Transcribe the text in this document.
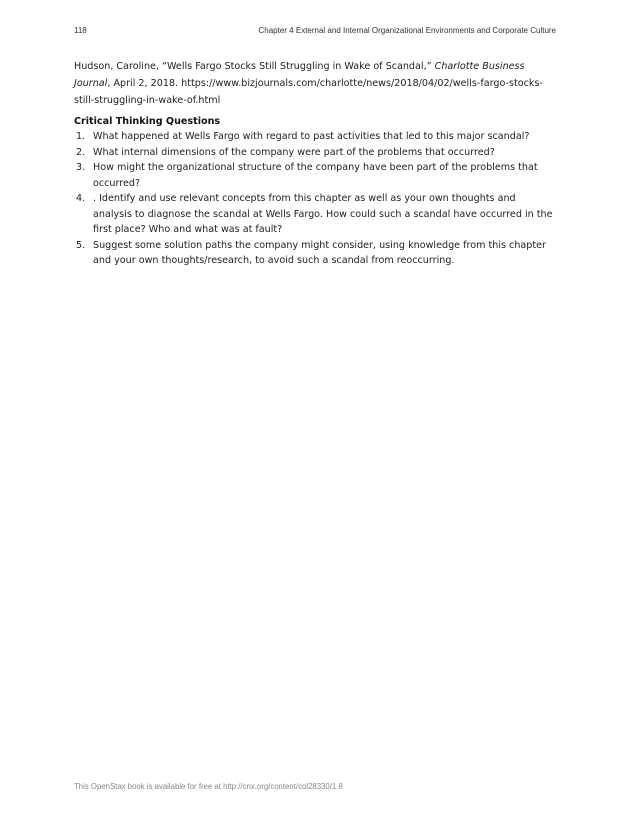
118	Chapter 4 External and Internal Organizational Environments and Corporate Culture

Hudson, Caroline, “Wells Fargo Stocks Still Struggling in Wake of Scandal,” Charlotte Business Journal, April 2, 2018. https://www.bizjournals.com/charlotte/news/2018/04/02/wells-fargo-stocks-still-struggling-in-wake-of.html

Critical Thinking Questions
1. What happened at Wells Fargo with regard to past activities that led to this major scandal?
2. What internal dimensions of the company were part of the problems that occurred?
3. How might the organizational structure of the company have been part of the problems that occurred?
4. . Identify and use relevant concepts from this chapter as well as your own thoughts and analysis to diagnose the scandal at Wells Fargo. How could such a scandal have occurred in the first place? Who and what was at fault?
5. Suggest some solution paths the company might consider, using knowledge from this chapter and your own thoughts/research, to avoid such a scandal from reoccurring.
This OpenStax book is available for free at http://cnx.org/content/col28330/1.8
